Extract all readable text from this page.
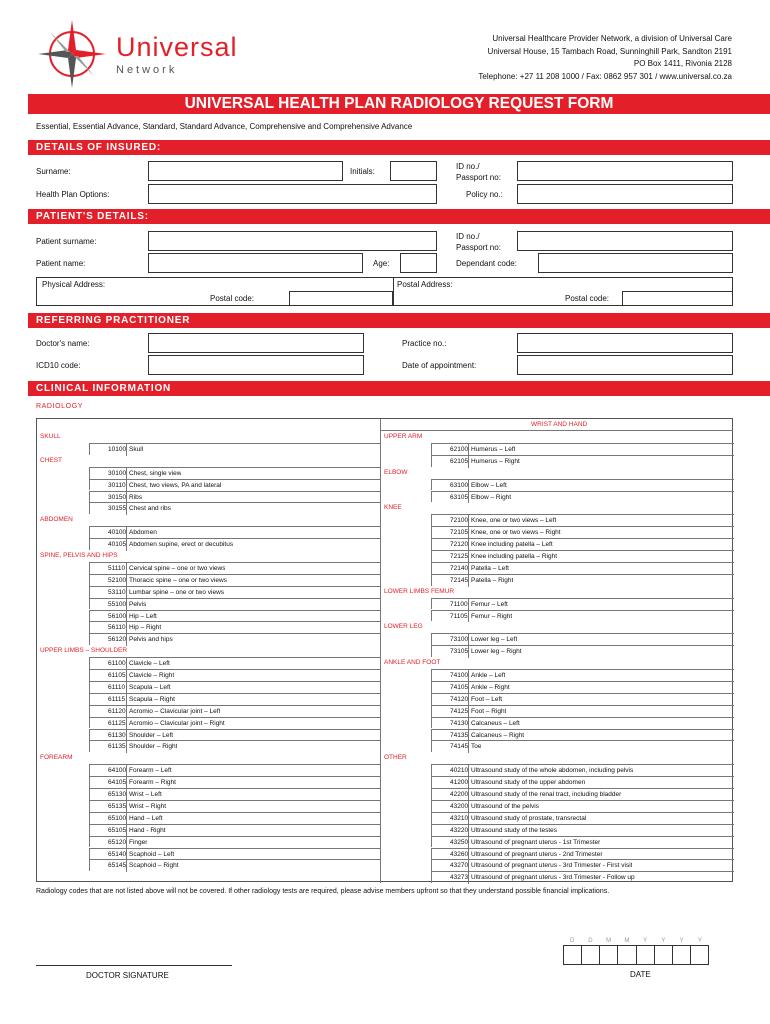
Universal
Network
Universal Healthcare Provider Network, a division of Universal Care
Universal House, 15 Tambach Road, Sunninghill Park, Sandton 2191
PO Box 1411, Rivonia 2128
Telephone: +27 11 208 1000 / Fax: 0862 957 301 / www.universal.co.za
UNIVERSAL HEALTH PLAN RADIOLOGY REQUEST FORM
Essential, Essential Advance, Standard, Standard Advance, Comprehensive and Comprehensive Advance
DETAILS OF INSURED:
Surname:	Initials:
ID no./
Passport no:
Health Plan Options:	Policy no.:
PATIENT'S DETAILS:
Patient surname:
ID no./
Passport no:
Patient name:	Age:	Dependant code:
Physical Address:	Postal Address:
Postal code:	Postal code:
REFERRING PRACTITIONER
Doctor's name:	Practice no.:
ICD10 code:	Date of appointment:
CLINICAL INFORMATION
RADIOLOGY
WRIST AND HAND
SKULL
10100 Skull
CHEST
30100 Chest, single view
30110 Chest, two views, PA and lateral
30150 Ribs
30155 Chest and ribs
ABDOMEN
40100 Abdomen
40105 Abdomen supine, erect or decubitus
SPINE, PELVIS AND HIPS
51110 Cervical spine – one or two views
52100 Thoracic spine – one or two views
53110 Lumbar spine – one or two views
55100 Pelvis
56100 Hip – Left
56110 Hip – Right
56120 Pelvis and hips
UPPER LIMBS – SHOULDER
61100 Clavicle – Left
61105 Clavicle – Right
61110 Scapula – Left
61115 Scapula – Right
61120 Acromio – Clavicular joint – Left
61125 Acromio – Clavicular joint – Right
61130 Shoulder – Left
61135 Shoulder – Right
FOREARM
64100 Forearm – Left
64105 Forearm – Right
65130 Wrist – Left
65135 Wrist – Right
65100 Hand – Left
65105 Hand - Right
65120 Finger
65140 Scaphoid – Left
65145 Scaphoid – Right
UPPER ARM
62100 Humerus – Left
62105 Humerus – Right
ELBOW
63100 Elbow – Left
63105 Elbow – Right
KNEE
72100 Knee, one or two views – Left
72105 Knee, one or two views – Right
72120 Knee including patella – Left
72125 Knee including patella – Right
72140 Patella – Left
72145 Patella – Right
LOWER LIMBS FEMUR
71100 Femur – Left
71105 Femur – Right
LOWER LEG
73100 Lower leg – Left
73105 Lower leg – Right
ANKLE AND FOOT
74100 Ankle – Left
74105 Ankle – Right
74120 Foot – Left
74125 Foot – Right
74130 Calcaneus – Left
74135 Calcaneus – Right
74145 Toe
OTHER
40210 Ultrasound study of the whole abdomen, including pelvis
41200 Ultrasound study of the upper abdomen
42200 Ultrasound study of the renal tract, including bladder
43200 Ultrasound of the pelvis
43210 Ultrasound study of prostate, transrectal
43220 Ultrasound study of the testes
43250 Ultrasound of pregnant uterus - 1st Trimester
43260 Ultrasound of pregnant uterus - 2nd Trimester
43270 Ultrasound of pregnant uterus - 3rd Trimester - First visit
43273 Ultrasound of pregnant uterus - 3rd Trimester - Follow up
Radiology codes that are not listed above will not be covered. If other radiology tests are required, please advise members upfront so that they understand possible financial implications.
D	D	M	M	Y	Y	Y	Y
DATE
DOCTOR SIGNATURE
